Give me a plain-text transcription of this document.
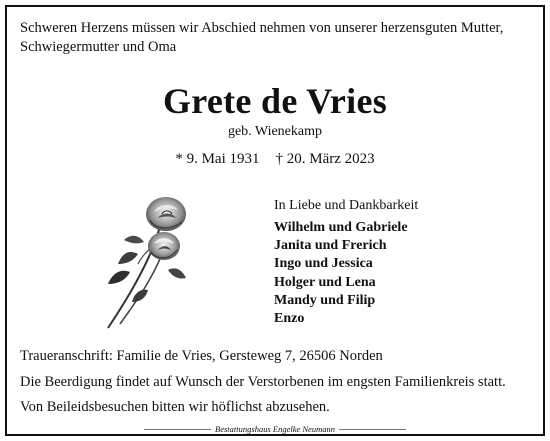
Schweren Herzens müssen wir Abschied nehmen von unserer herzensguten Mutter, Schwiegermutter und Oma

Grete de Vries

geb. Wienekamp

* 9. Mai 1931 † 20. März 2023

In Liebe und Dankbarkeit

Wilhelm und Gabriele
Janita und Frerich
Ingo und Jessica
Holger und Lena
Mandy und Filip
Enzo

Traueranschrift: Familie de Vries, Gersteweg 7, 26506 Norden

Die Beerdigung findet auf Wunsch der Verstorbenen im engsten Familienkreis statt.

Von Beileidsbesuchen bitten wir höflichst abzusehen.

Bestattungshaus Engelke Neumann
